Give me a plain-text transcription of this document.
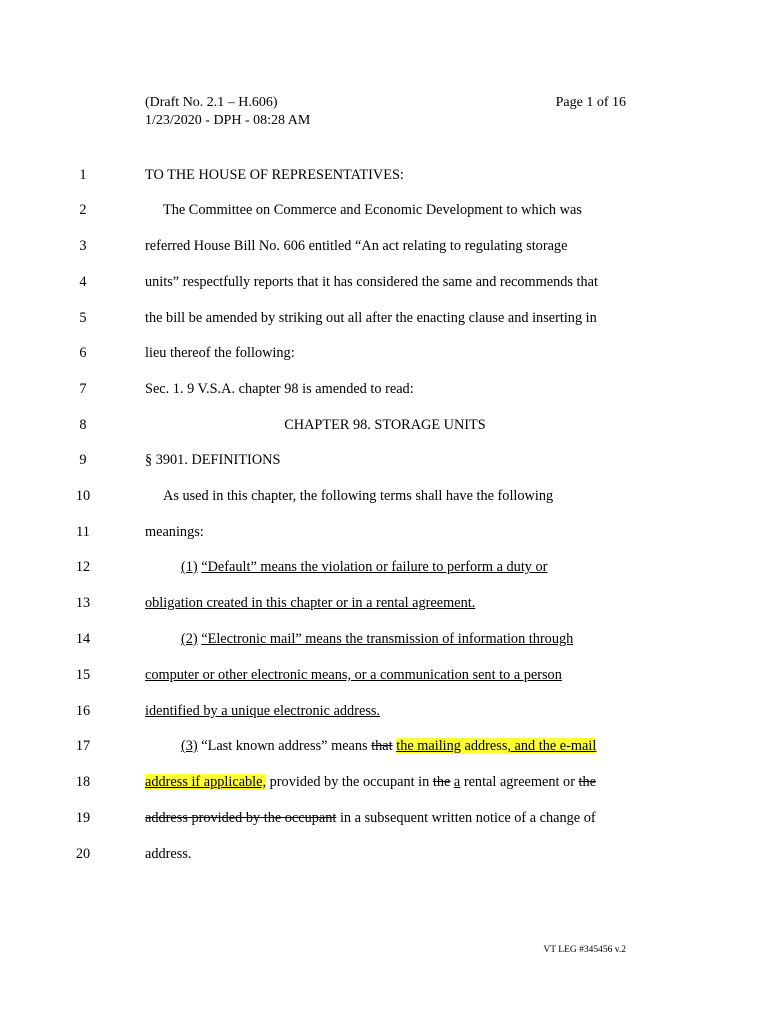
(Draft No. 2.1 – H.606)
1/23/2020 - DPH - 08:28 AM
Page 1 of 16
1	TO THE HOUSE OF REPRESENTATIVES:
2	The Committee on Commerce and Economic Development to which was
3	referred House Bill No. 606 entitled “An act relating to regulating storage
4	units” respectfully reports that it has considered the same and recommends that
5	the bill be amended by striking out all after the enacting clause and inserting in
6	lieu thereof the following:
7	Sec. 1. 9 V.S.A. chapter 98 is amended to read:
8	CHAPTER 98. STORAGE UNITS
9	§ 3901. DEFINITIONS
10	As used in this chapter, the following terms shall have the following
11	meanings:
12	(1) “Default” means the violation or failure to perform a duty or
13	obligation created in this chapter or in a rental agreement.
14	(2) “Electronic mail” means the transmission of information through
15	computer or other electronic means, or a communication sent to a person
16	identified by a unique electronic address.
17	(3) “Last known address” means that the mailing address, and the e-mail
18	address if applicable, provided by the occupant in the a rental agreement or the
19	address provided by the occupant in a subsequent written notice of a change of
20	address.
VT LEG #345456 v.2
